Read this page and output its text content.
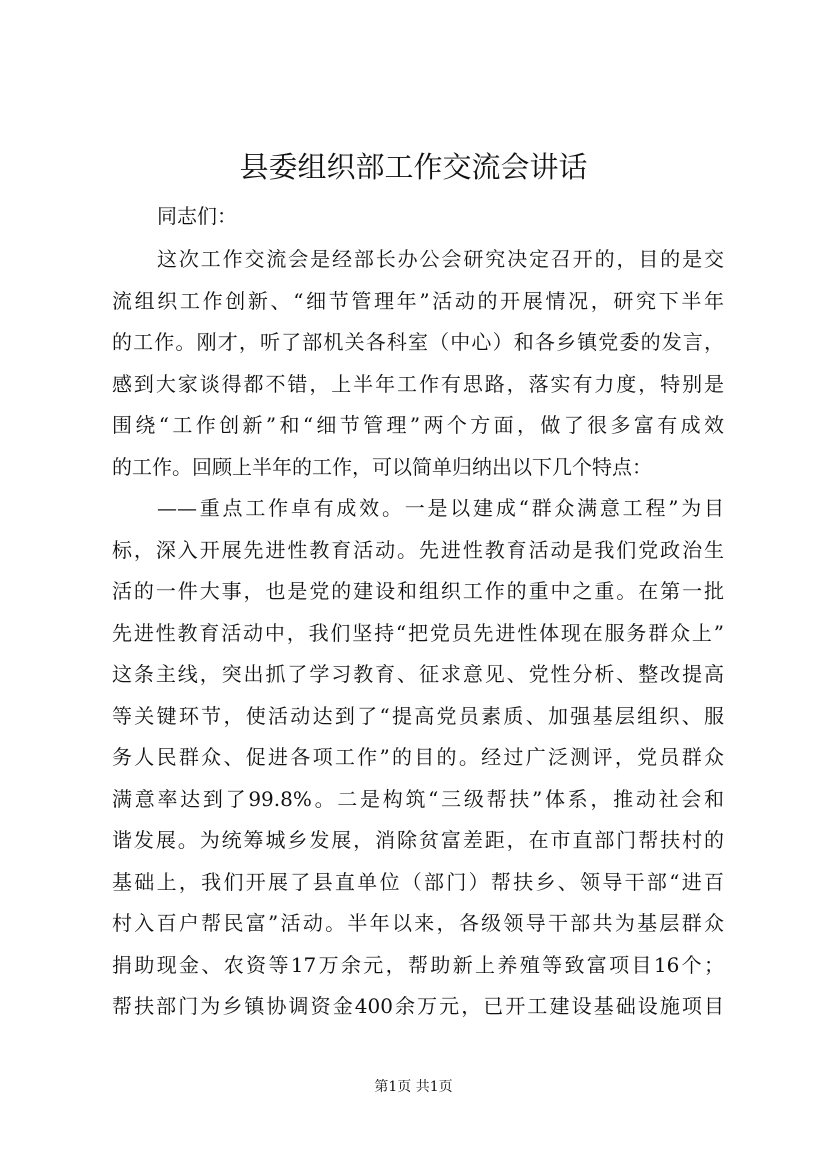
县委组织部工作交流会讲话

同志们：

这次工作交流会是经部长办公会研究决定召开的，目的是交
流组织工作创新、“细节管理年”活动的开展情况，研究下半年
的工作。刚才，听了部机关各科室（中心）和各乡镇党委的发言，
感到大家谈得都不错，上半年工作有思路，落实有力度，特别是
围绕“工作创新”和“细节管理”两个方面，做了很多富有成效
的工作。回顾上半年的工作，可以简单归纳出以下几个特点：
——重点工作卓有成效。一是以建成“群众满意工程”为目
标，深入开展先进性教育活动。先进性教育活动是我们党政治生
活的一件大事，也是党的建设和组织工作的重中之重。在第一批
先进性教育活动中，我们坚持“把党员先进性体现在服务群众上”
这条主线，突出抓了学习教育、征求意见、党性分析、整改提高
等关键环节，使活动达到了“提高党员素质、加强基层组织、服
务人民群众、促进各项工作”的目的。经过广泛测评，党员群众
满意率达到了99.8%。二是构筑“三级帮扶”体系，推动社会和
谐发展。为统筹城乡发展，消除贫富差距，在市直部门帮扶村的
基础上，我们开展了县直单位（部门）帮扶乡、领导干部“进百
村入百户帮民富”活动。半年以来，各级领导干部共为基层群众
捐助现金、农资等17万余元，帮助新上养殖等致富项目16个；
帮扶部门为乡镇协调资金400余万元，已开工建设基础设施项目
第1页 共1页
